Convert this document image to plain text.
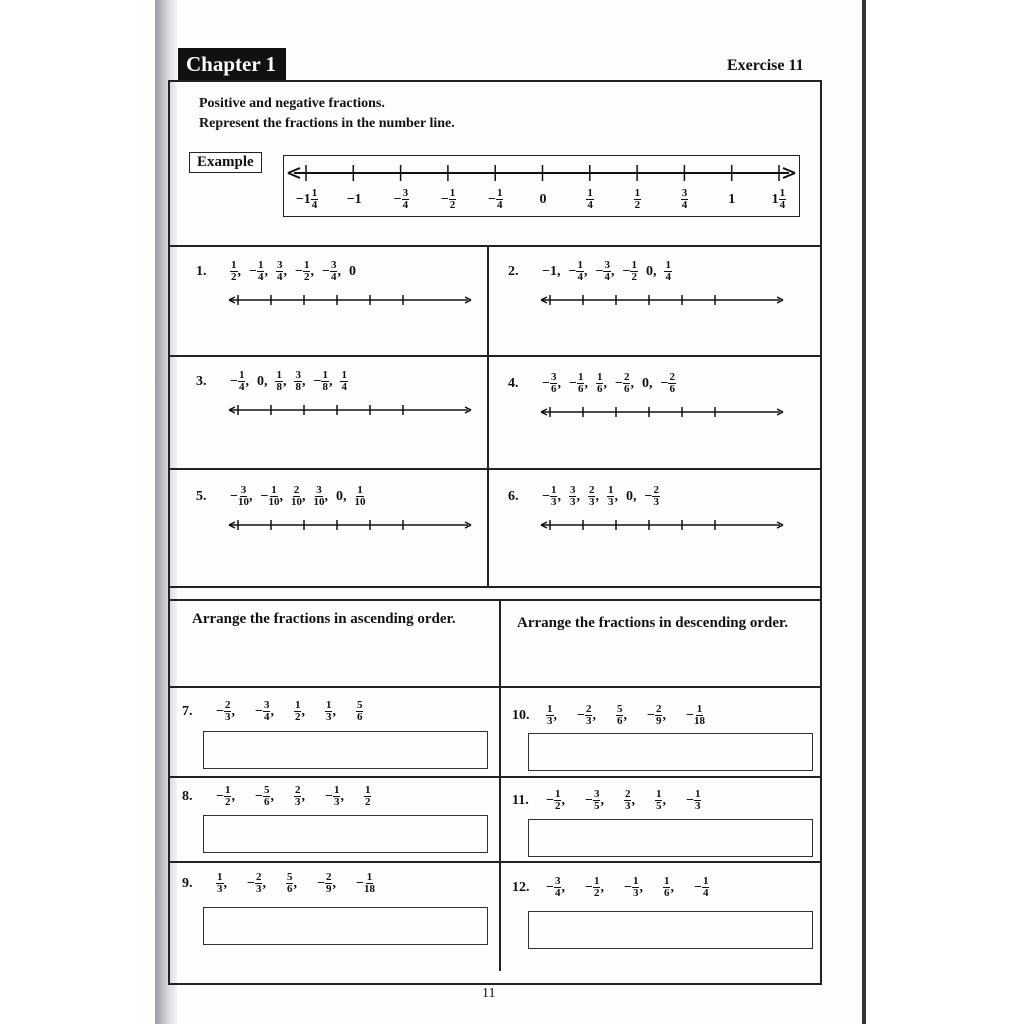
Chapter 1	Exercise 11
Positive and negative fractions.
Represent the fractions in the number line.
Example
− $1 \frac{1}{4} - 1 - \frac{3}{4} - \frac{1}{2} - \frac{1}{4}$	0	$\frac{1}{4}$	$\frac{1}{2}$	$\frac{3}{4}$	1	$1 \frac{1}{4}$
1.	$\frac{1}{2}$ , − $\frac{1}{4}$ , $\frac{3}{4}$ , − $\frac{1}{2}$ , − $\frac{3}{4}$ , 0	2.	− 1 , − $\frac{1}{4}$ , − $\frac{3}{4}$ , − $\frac{1}{2} 0$ , $\frac{1}{4}$
3.	− $\frac{1}{4}$ , 0 , $\frac{1}{8}$ , $\frac{3}{8}$ , − $\frac{1}{8}$ , $\frac{1}{4}$	4.	− $\frac{3}{6}$ , − $\frac{1}{6}$ , $\frac{1}{6}$ , − $\frac{2}{6}$ , 0 , − $\frac{2}{6}$
5.	− $\frac{3}{10}$ , − $\frac{1}{10}$ , $\frac{2}{10}$ , $\frac{3}{10}$ , 0 , $\frac{1}{10}$	6.	− $\frac{1}{3}$ , $\frac{3}{3}$ , $\frac{2}{3}$ , $\frac{1}{3}$ , 0 , − $\frac{2}{3}$
7.	− $\frac{2}{3}$ , − $\frac{3}{4}$ , $\frac{1}{2}$ , $\frac{1}{3}$ , $\frac{5}{6}$
8.	− $\frac{1}{2}$ , − $\frac{5}{6}$ , $\frac{2}{3}$ , − $\frac{1}{3}$ , $\frac{1}{2}$
9.	$\frac{1}{3}$ , − $\frac{2}{3}$ , $\frac{5}{6}$ , − $\frac{2}{9}$ , − $\frac{1}{18}$
10.	$\frac{1}{3}$ , − $\frac{2}{3}$ , $\frac{5}{6}$ , − $\frac{2}{9}$ , − $\frac{1}{18}$
11.	− $\frac{1}{2}$ , − $\frac{3}{5}$ , $\frac{2}{3}$ , $\frac{1}{5}$ , − $\frac{1}{3}$
12.	− $\frac{3}{4}$ , − $\frac{1}{2}$ , − $\frac{1}{3}$ , $\frac{1}{6}$ , − $\frac{1}{4}$
Arrange the fractions in ascending order.	Arrange the fractions in descending order.
11
